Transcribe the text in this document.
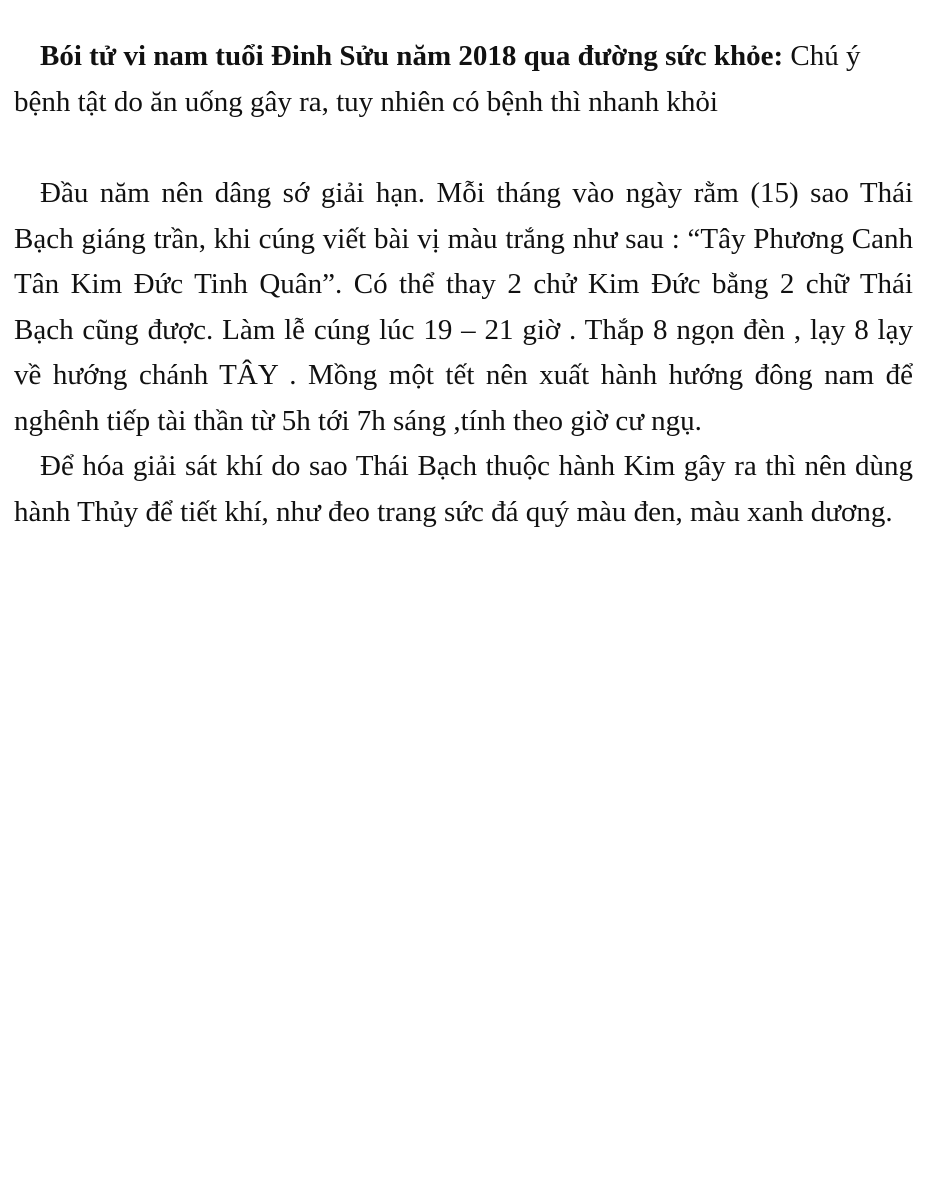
Bói tử vi nam tuổi Đinh Sửu năm 2018 qua đường sức khỏe: Chú ý bệnh tật do ăn uống gây ra, tuy nhiên có bệnh thì nhanh khỏi

Đầu năm nên dâng sớ giải hạn. Mỗi tháng vào ngày rằm (15) sao Thái Bạch giáng trần, khi cúng viết bài vị màu trắng như sau : “Tây Phương Canh Tân Kim Đức Tinh Quân”. Có thể thay 2 chử Kim Đức bằng 2 chữ Thái Bạch cũng được. Làm lễ cúng lúc 19 – 21 giờ . Thắp 8 ngọn đèn , lạy 8 lạy về hướng chánh TÂY . Mồng một tết nên xuất hành hướng đông nam để nghênh tiếp tài thần từ 5h tới 7h sáng ,tính theo giờ cư ngụ.

Để hóa giải sát khí do sao Thái Bạch thuộc hành Kim gây ra thì nên dùng hành Thủy để tiết khí, như đeo trang sức đá quý màu đen, màu xanh dương.
